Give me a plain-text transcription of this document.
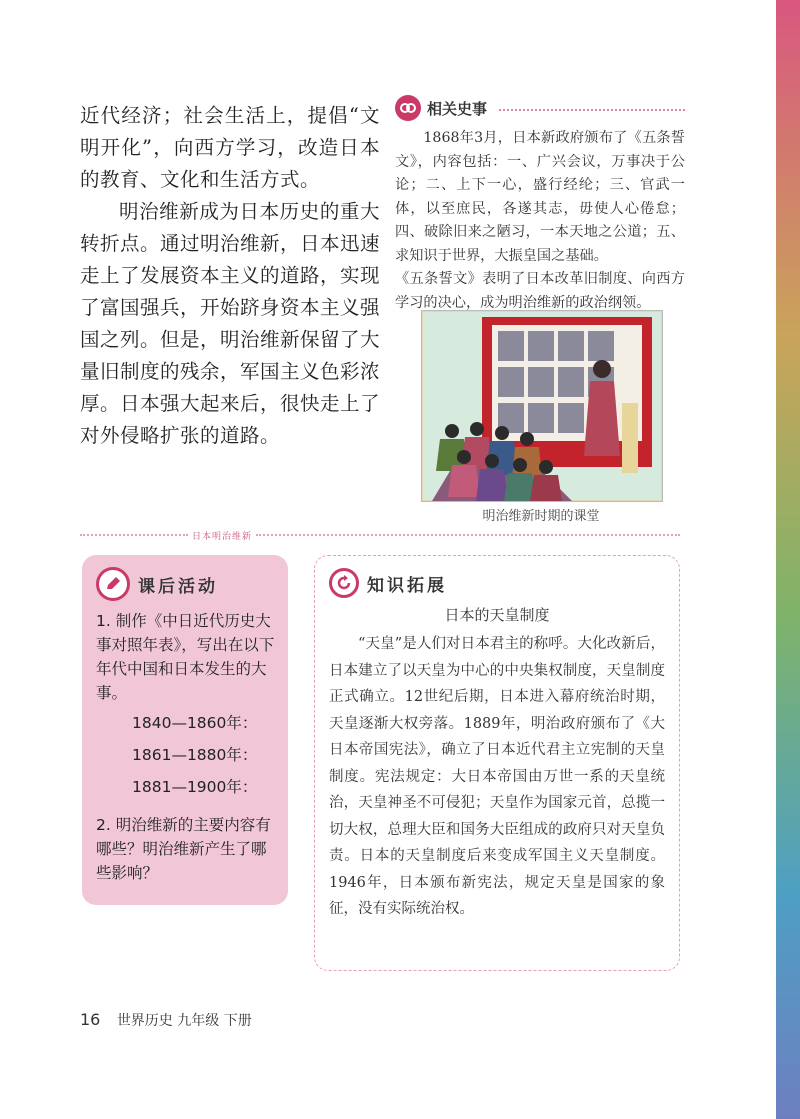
近代经济；社会生活上，提倡“文明开化”，向西方学习，改造日本的教育、文化和生活方式。

明治维新成为日本历史的重大转折点。通过明治维新，日本迅速走上了发展资本主义的道路，实现了富国强兵，开始跻身资本主义强国之列。但是，明治维新保留了大量旧制度的残余，军国主义色彩浓厚。日本强大起来后，很快走上了对外侵略扩张的道路。

相关史事

1868年3月，日本新政府颁布了《五条誓文》，内容包括：一、广兴会议，万事决于公论；二、上下一心，盛行经纶；三、官武一体，以至庶民，各遂其志，毋使人心倦怠；四、破除旧来之陋习，一本天地之公道；五、求知识于世界，大振皇国之基础。

《五条誓文》表明了日本改革旧制度、向西方学习的决心，成为明治维新的政治纲领。

明治维新时期的课堂
日本明治维新
课后活动

1. 制作《中日近代历史大事对照年表》，写出在以下年代中国和日本发生的大事。

1840—1860年：

1861—1880年：

1881—1900年：

2. 明治维新的主要内容有哪些？明治维新产生了哪些影响？

知识拓展
日本的天皇制度
“天皇”是人们对日本君主的称呼。大化改新后，日本建立了以天皇为中心的中央集权制度，天皇制度正式确立。12世纪后期，日本进入幕府统治时期，天皇逐渐大权旁落。1889年，明治政府颁布了《大日本帝国宪法》，确立了日本近代君主立宪制的天皇制度。宪法规定：大日本帝国由万世一系的天皇统治，天皇神圣不可侵犯；天皇作为国家元首，总揽一切大权，总理大臣和国务大臣组成的政府只对天皇负责。日本的天皇制度后来变成军国主义天皇制度。1946年，日本颁布新宪法，规定天皇是国家的象征，没有实际统治权。
16 世界历史 九年级 下册
